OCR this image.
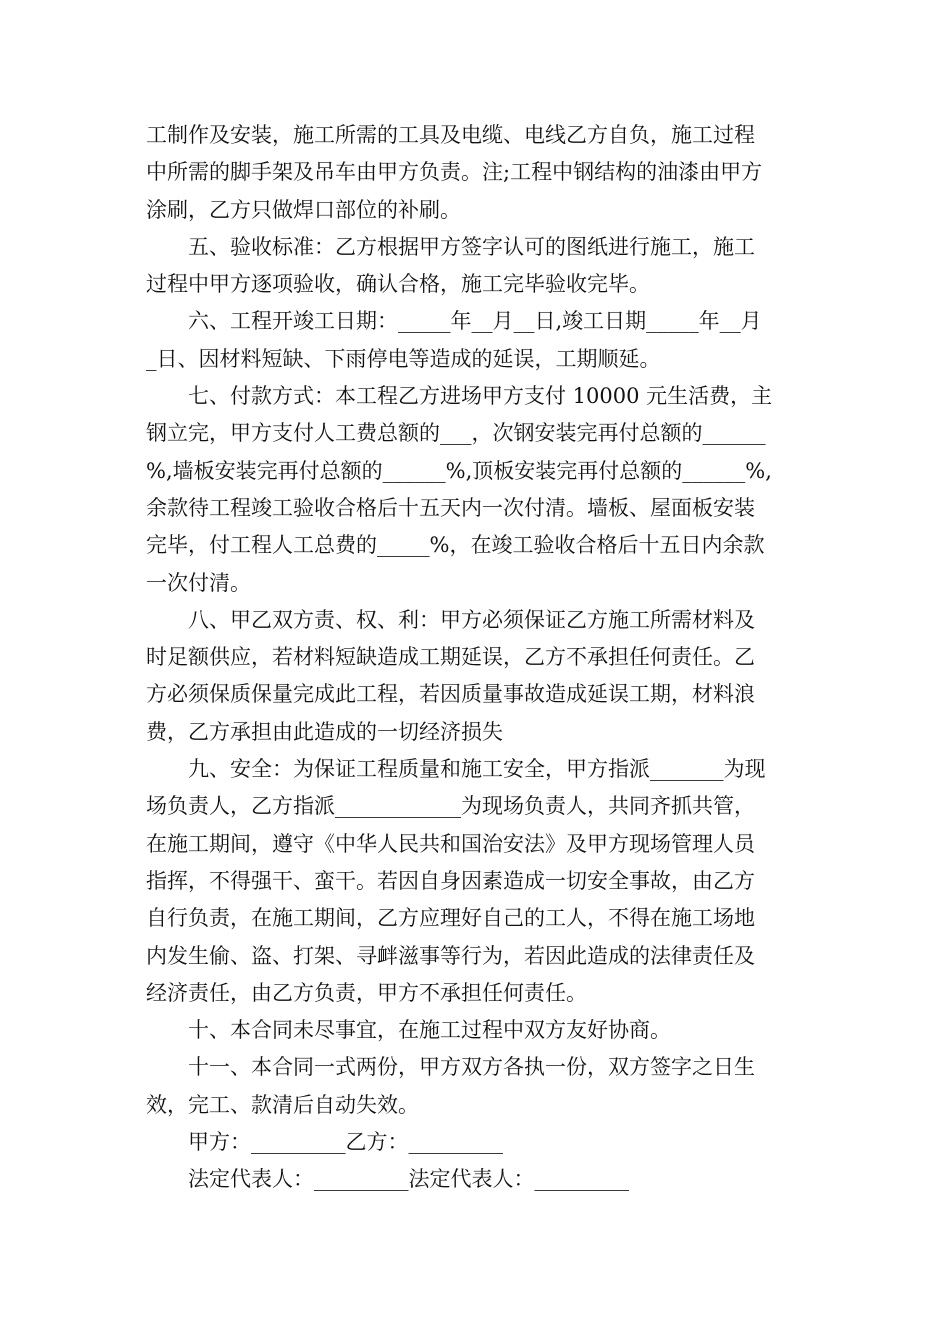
工制作及安装，施工所需的工具及电缆、电线乙方自负，施工过程
中所需的脚手架及吊车由甲方负责。注;工程中钢结构的油漆由甲方
涂刷，乙方只做焊口部位的补刷。

五、验收标准：乙方根据甲方签字认可的图纸进行施工，施工
过程中甲方逐项验收，确认合格，施工完毕验收完毕。

六、工程开竣工日期：_____年__月__日,竣工日期_____年__月
_日、因材料短缺、下雨停电等造成的延误，工期顺延。

七、付款方式：本工程乙方进场甲方支付 10000 元生活费，主
钢立完，甲方支付人工费总额的___，次钢安装完再付总额的______
%,墙板安装完再付总额的______%,顶板安装完再付总额的______%,
余款待工程竣工验收合格后十五天内一次付清。墙板、屋面板安装
完毕，付工程人工总费的_____%，在竣工验收合格后十五日内余款
一次付清。

八、甲乙双方责、权、利：甲方必须保证乙方施工所需材料及
时足额供应，若材料短缺造成工期延误，乙方不承担任何责任。乙
方必须保质保量完成此工程，若因质量事故造成延误工期，材料浪
费，乙方承担由此造成的一切经济损失

九、安全：为保证工程质量和施工安全，甲方指派_______为现
场负责人，乙方指派____________为现场负责人，共同齐抓共管，
在施工期间，遵守《中华人民共和国治安法》及甲方现场管理人员
指挥，不得强干、蛮干。若因自身因素造成一切安全事故，由乙方
自行负责，在施工期间，乙方应理好自己的工人，不得在施工场地
内发生偷、盗、打架、寻衅滋事等行为，若因此造成的法律责任及
经济责任，由乙方负责，甲方不承担任何责任。

十、本合同未尽事宜，在施工过程中双方友好协商。

十一、本合同一式两份，甲方双方各执一份，双方签字之日生
效，完工、款清后自动失效。

甲方：_________乙方：_________

法定代表人：_________法定代表人：_________
